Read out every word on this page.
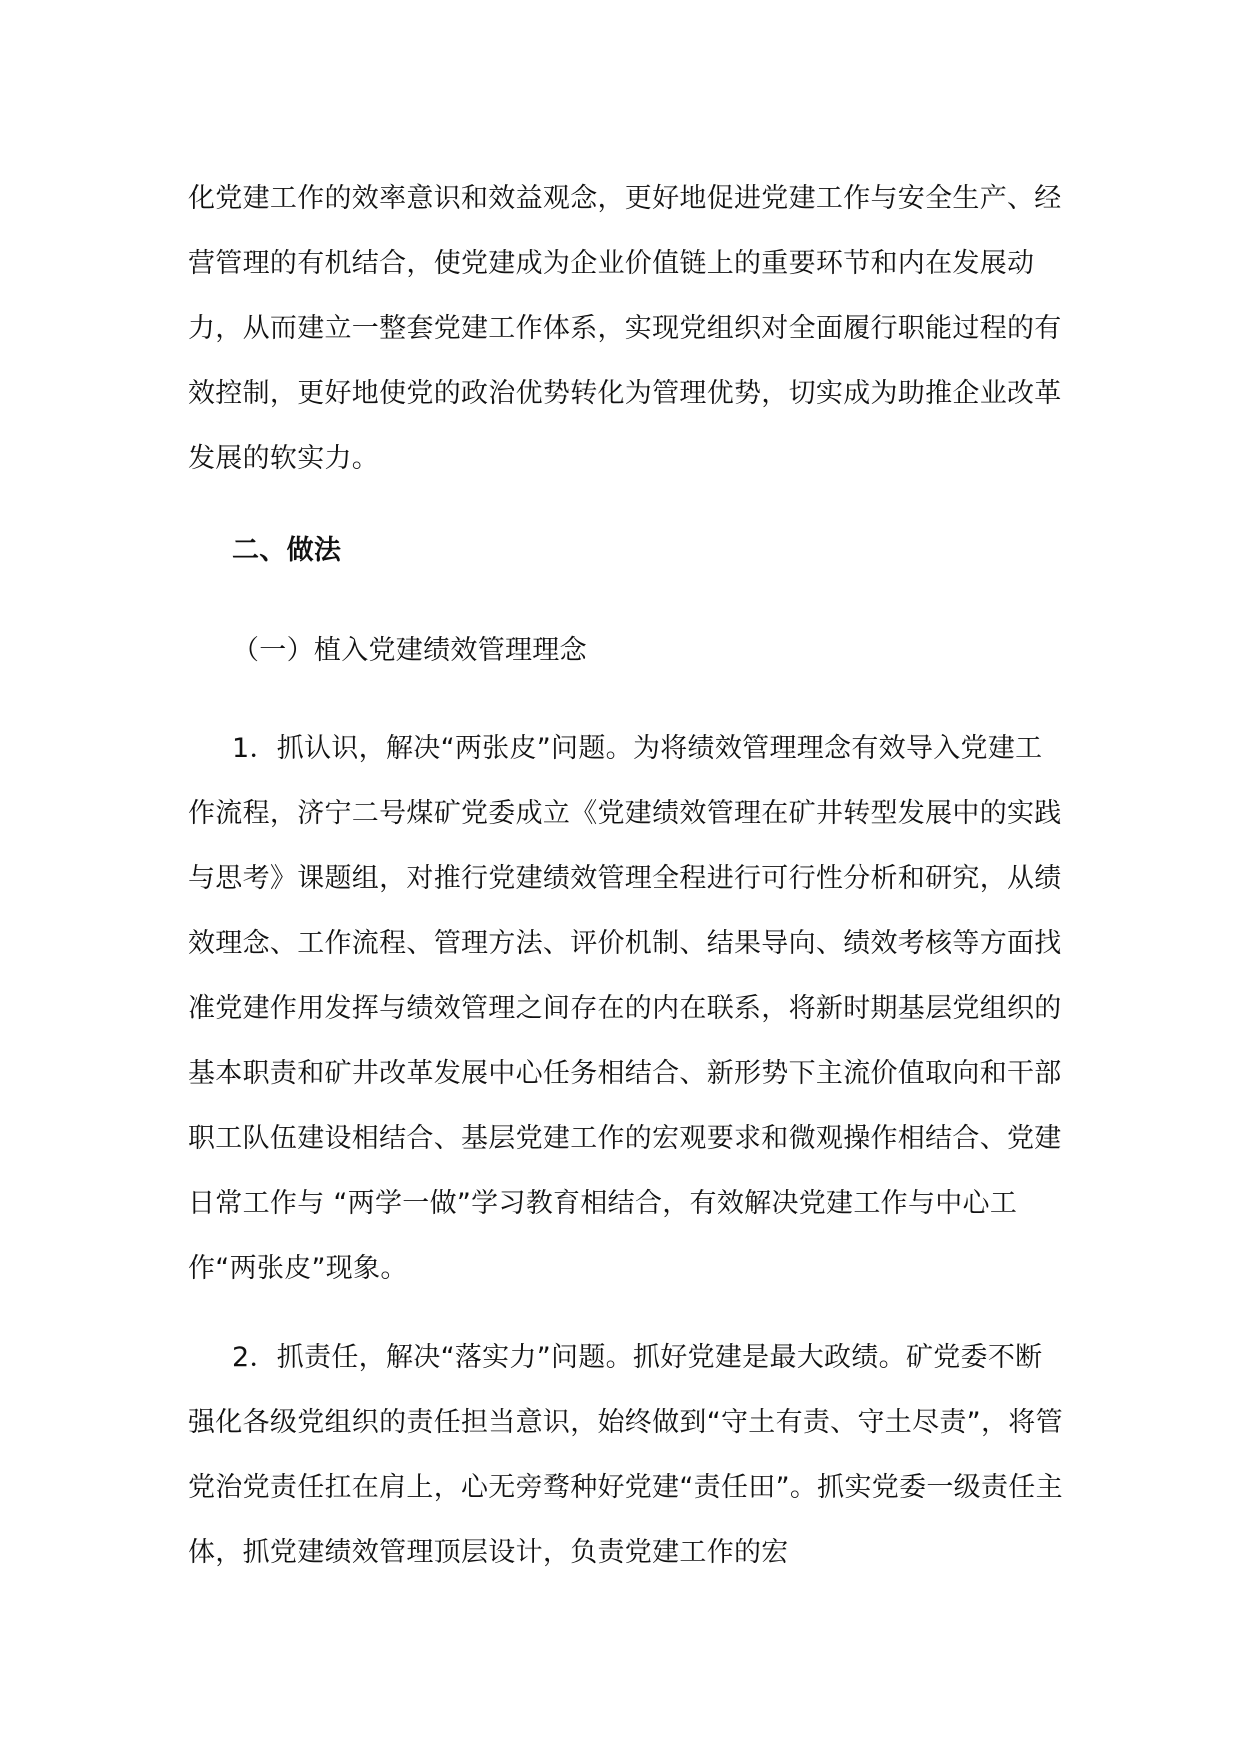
化党建工作的效率意识和效益观念，更好地促进党建工作与安全生产、经营管理的有机结合，使党建成为企业价值链上的重要环节和内在发展动力，从而建立一整套党建工作体系，实现党组织对全面履行职能过程的有效控制，更好地使党的政治优势转化为管理优势，切实成为助推企业改革发展的软实力。

二、做法

（一）植入党建绩效管理理念

1．抓认识，解决“两张皮”问题。为将绩效管理理念有效导入党建工作流程，济宁二号煤矿党委成立《党建绩效管理在矿井转型发展中的实践与思考》课题组，对推行党建绩效管理全程进行可行性分析和研究，从绩效理念、工作流程、管理方法、评价机制、结果导向、绩效考核等方面找准党建作用发挥与绩效管理之间存在的内在联系，将新时期基层党组织的基本职责和矿井改革发展中心任务相结合、新形势下主流价值取向和干部职工队伍建设相结合、基层党建工作的宏观要求和微观操作相结合、党建日常工作与 “两学一做”学习教育相结合，有效解决党建工作与中心工作“两张皮”现象。

2．抓责任，解决“落实力”问题。抓好党建是最大政绩。矿党委不断强化各级党组织的责任担当意识，始终做到“守土有责、守土尽责”，将管党治党责任扛在肩上，心无旁骛种好党建“责任田”。抓实党委一级责任主体，抓党建绩效管理顶层设计，负责党建工作的宏
